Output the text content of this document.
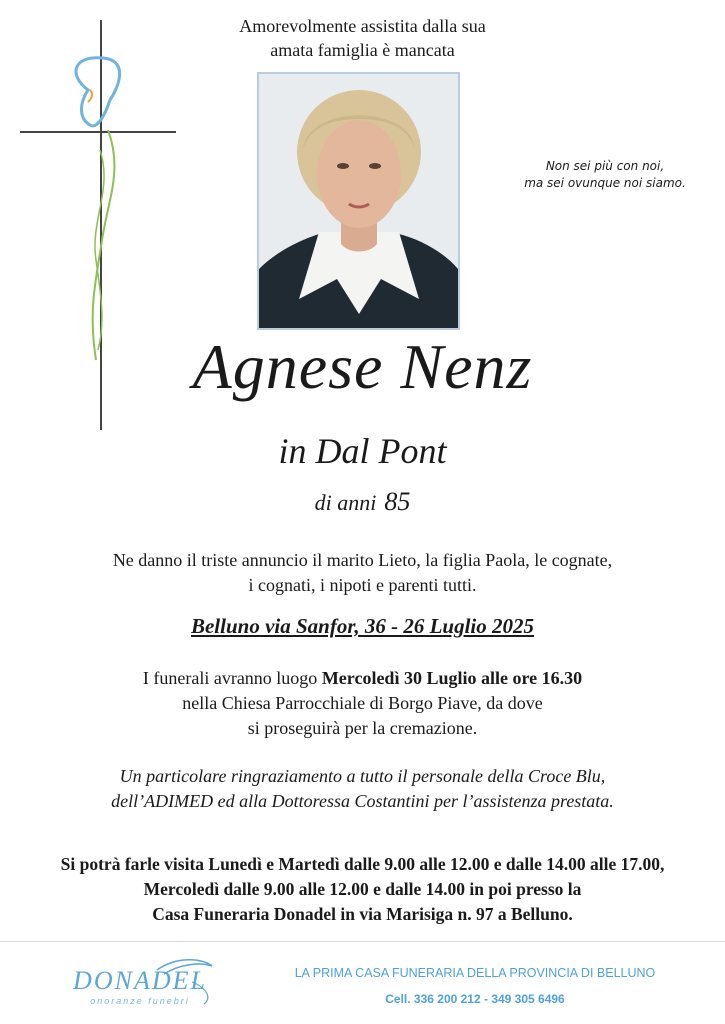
Amorevolmente assistita dalla sua
amata famiglia è mancata
Non sei più con noi,
ma sei ovunque noi siamo.
Agnese Nenz
in Dal Pont
di anni 85
Ne danno il triste annuncio il marito Lieto, la figlia Paola, le cognate,
i cognati, i nipoti e parenti tutti.
Belluno via Sanfor, 36 - 26 Luglio 2025
I funerali avranno luogo Mercoledì 30 Luglio alle ore 16.30
nella Chiesa Parrocchiale di Borgo Piave, da dove
si proseguirà per la cremazione.
Un particolare ringraziamento a tutto il personale della Croce Blu,
dell’ADIMED ed alla Dottoressa Costantini per l’assistenza prestata.
Si potrà farle visita Lunedì e Martedì dalle 9.00 alle 12.00 e dalle 14.00 alle 17.00,
Mercoledì dalle 9.00 alle 12.00 e dalle 14.00 in poi presso la
Casa Funeraria Donadel in via Marisiga n. 97 a Belluno.
DONADEL
onoranze funebri
LA PRIMA CASA FUNERARIA DELLA PROVINCIA DI BELLUNO
Cell. 336 200 212 - 349 305 6496
